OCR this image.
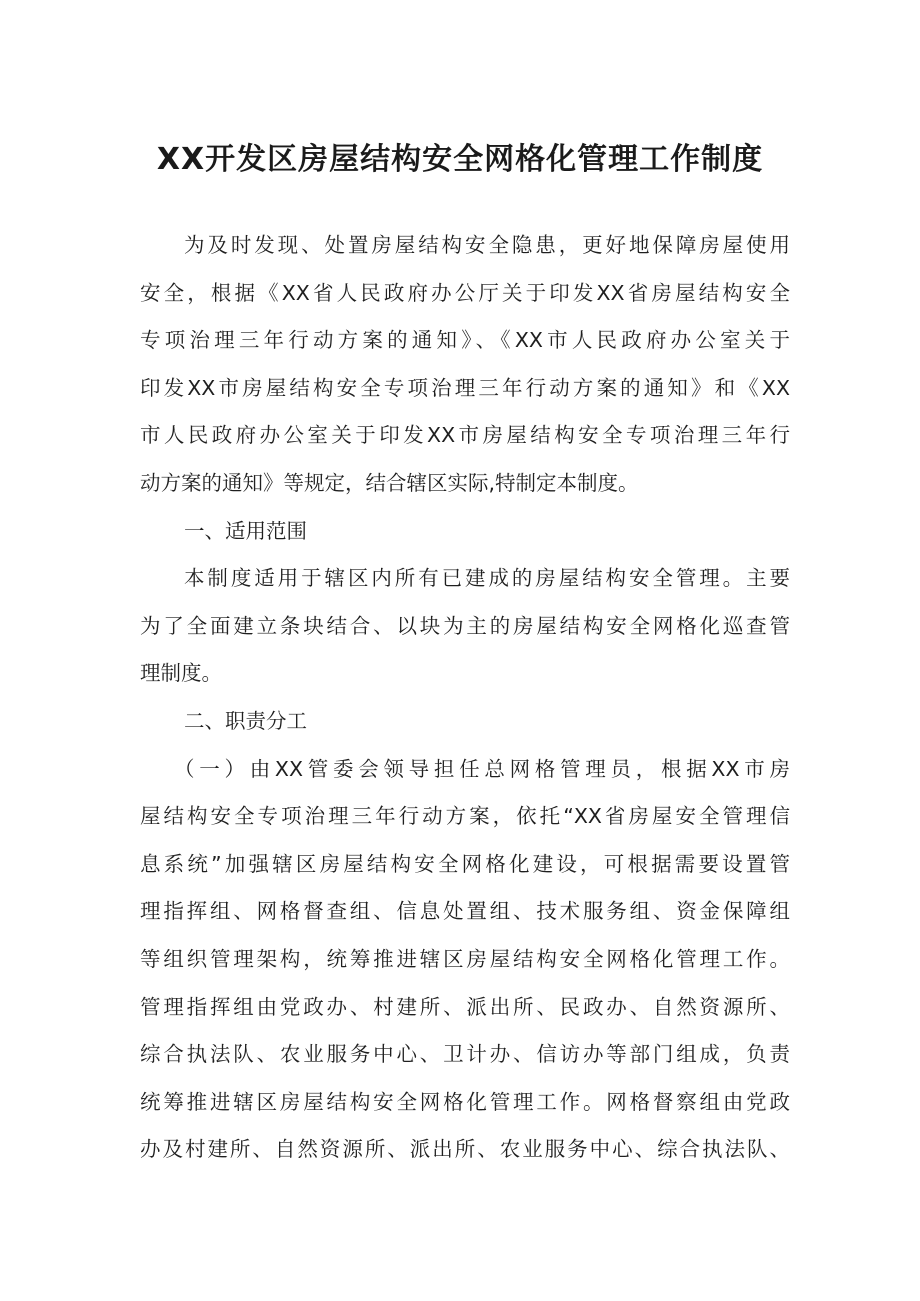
XX开发区房屋结构安全网格化管理工作制度
为及时发现、处置房屋结构安全隐患，更好地保障房屋使用
安全，根据《XX省人民政府办公厅关于印发XX省房屋结构安全
专项治理三年行动方案的通知》、《XX市人民政府办公室关于
印发XX市房屋结构安全专项治理三年行动方案的通知》和《XX
市人民政府办公室关于印发XX市房屋结构安全专项治理三年行
动方案的通知》等规定，结合辖区实际,特制定本制度。
一、适用范围
本制度适用于辖区内所有已建成的房屋结构安全管理。主要
为了全面建立条块结合、以块为主的房屋结构安全网格化巡查管
理制度。
二、职责分工
（一）由XX管委会领导担任总网格管理员，根据XX市房
屋结构安全专项治理三年行动方案，依托“XX省房屋安全管理信
息系统”加强辖区房屋结构安全网格化建设，可根据需要设置管
理指挥组、网格督查组、信息处置组、技术服务组、资金保障组
等组织管理架构，统筹推进辖区房屋结构安全网格化管理工作。
管理指挥组由党政办、村建所、派出所、民政办、自然资源所、
综合执法队、农业服务中心、卫计办、信访办等部门组成，负责
统筹推进辖区房屋结构安全网格化管理工作。网格督察组由党政
办及村建所、自然资源所、派出所、农业服务中心、综合执法队、
